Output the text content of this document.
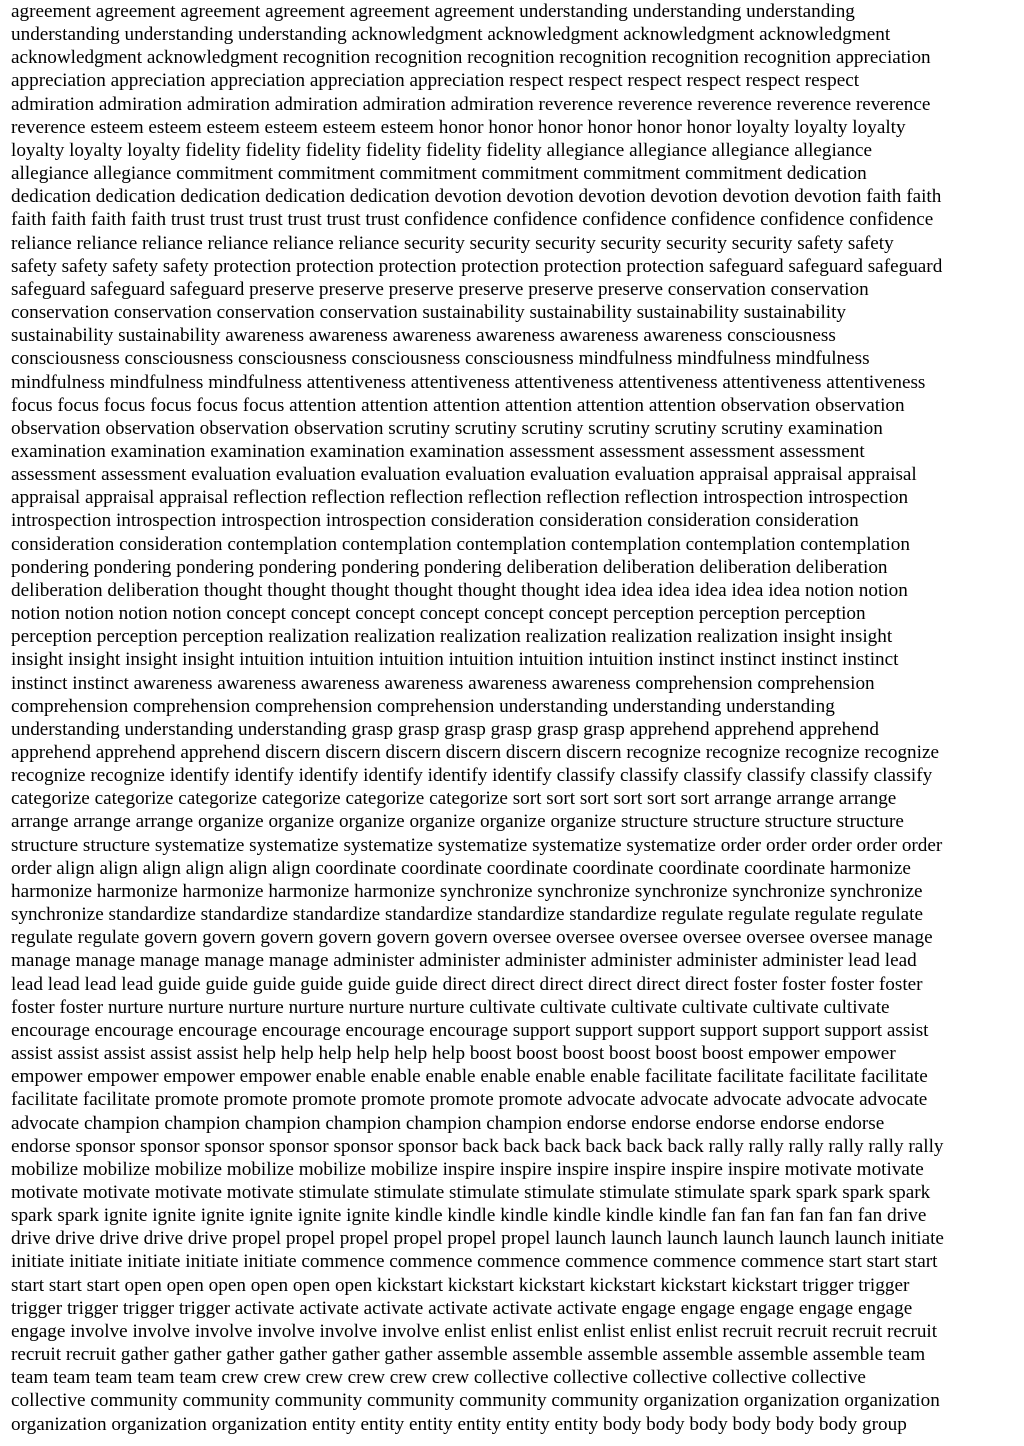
agreement agreement agreement agreement agreement agreement understanding understanding understanding
understanding understanding understanding acknowledgment acknowledgment acknowledgment acknowledgment
acknowledgment acknowledgment recognition recognition recognition recognition recognition recognition appreciation
appreciation appreciation appreciation appreciation appreciation respect respect respect respect respect respect
admiration admiration admiration admiration admiration admiration reverence reverence reverence reverence reverence
reverence esteem esteem esteem esteem esteem esteem honor honor honor honor honor honor loyalty loyalty loyalty
loyalty loyalty loyalty fidelity fidelity fidelity fidelity fidelity fidelity allegiance allegiance allegiance allegiance
allegiance allegiance commitment commitment commitment commitment commitment commitment dedication
dedication dedication dedication dedication dedication devotion devotion devotion devotion devotion devotion faith faith
faith faith faith faith trust trust trust trust trust trust confidence confidence confidence confidence confidence confidence
reliance reliance reliance reliance reliance reliance security security security security security security safety safety
safety safety safety safety protection protection protection protection protection protection safeguard safeguard safeguard
safeguard safeguard safeguard preserve preserve preserve preserve preserve preserve conservation conservation
conservation conservation conservation conservation sustainability sustainability sustainability sustainability
sustainability sustainability awareness awareness awareness awareness awareness awareness consciousness
consciousness consciousness consciousness consciousness consciousness mindfulness mindfulness mindfulness
mindfulness mindfulness mindfulness attentiveness attentiveness attentiveness attentiveness attentiveness attentiveness
focus focus focus focus focus focus attention attention attention attention attention attention observation observation
observation observation observation observation scrutiny scrutiny scrutiny scrutiny scrutiny scrutiny examination
examination examination examination examination examination assessment assessment assessment assessment
assessment assessment evaluation evaluation evaluation evaluation evaluation evaluation appraisal appraisal appraisal
appraisal appraisal appraisal reflection reflection reflection reflection reflection reflection introspection introspection
introspection introspection introspection introspection consideration consideration consideration consideration
consideration consideration contemplation contemplation contemplation contemplation contemplation contemplation
pondering pondering pondering pondering pondering pondering deliberation deliberation deliberation deliberation
deliberation deliberation thought thought thought thought thought thought idea idea idea idea idea idea notion notion
notion notion notion notion concept concept concept concept concept concept perception perception perception
perception perception perception realization realization realization realization realization realization insight insight
insight insight insight insight intuition intuition intuition intuition intuition intuition instinct instinct instinct instinct
instinct instinct awareness awareness awareness awareness awareness awareness comprehension comprehension
comprehension comprehension comprehension comprehension understanding understanding understanding
understanding understanding understanding grasp grasp grasp grasp grasp grasp apprehend apprehend apprehend
apprehend apprehend apprehend discern discern discern discern discern discern recognize recognize recognize recognize
recognize recognize identify identify identify identify identify identify classify classify classify classify classify classify
categorize categorize categorize categorize categorize categorize sort sort sort sort sort sort arrange arrange arrange
arrange arrange arrange organize organize organize organize organize organize structure structure structure structure
structure structure systematize systematize systematize systematize systematize systematize order order order order order
order align align align align align align coordinate coordinate coordinate coordinate coordinate coordinate harmonize
harmonize harmonize harmonize harmonize harmonize synchronize synchronize synchronize synchronize synchronize
synchronize standardize standardize standardize standardize standardize standardize regulate regulate regulate regulate
regulate regulate govern govern govern govern govern govern oversee oversee oversee oversee oversee oversee manage
manage manage manage manage manage administer administer administer administer administer administer lead lead
lead lead lead lead guide guide guide guide guide guide direct direct direct direct direct direct foster foster foster foster
foster foster nurture nurture nurture nurture nurture nurture cultivate cultivate cultivate cultivate cultivate cultivate
encourage encourage encourage encourage encourage encourage support support support support support support assist
assist assist assist assist assist help help help help help help boost boost boost boost boost boost empower empower
empower empower empower empower enable enable enable enable enable enable facilitate facilitate facilitate facilitate
facilitate facilitate promote promote promote promote promote promote advocate advocate advocate advocate advocate
advocate champion champion champion champion champion champion endorse endorse endorse endorse endorse
endorse sponsor sponsor sponsor sponsor sponsor sponsor back back back back back back rally rally rally rally rally rally
mobilize mobilize mobilize mobilize mobilize mobilize inspire inspire inspire inspire inspire inspire motivate motivate
motivate motivate motivate motivate stimulate stimulate stimulate stimulate stimulate stimulate spark spark spark spark
spark spark ignite ignite ignite ignite ignite ignite kindle kindle kindle kindle kindle kindle fan fan fan fan fan fan drive
drive drive drive drive drive propel propel propel propel propel propel launch launch launch launch launch launch initiate
initiate initiate initiate initiate initiate commence commence commence commence commence commence start start start
start start start open open open open open open kickstart kickstart kickstart kickstart kickstart kickstart trigger trigger
trigger trigger trigger trigger activate activate activate activate activate activate engage engage engage engage engage
engage involve involve involve involve involve involve enlist enlist enlist enlist enlist enlist recruit recruit recruit recruit
recruit recruit gather gather gather gather gather gather assemble assemble assemble assemble assemble assemble team
team team team team team crew crew crew crew crew crew collective collective collective collective collective
collective community community community community community community organization organization organization
organization organization organization entity entity entity entity entity entity body body body body body body group
